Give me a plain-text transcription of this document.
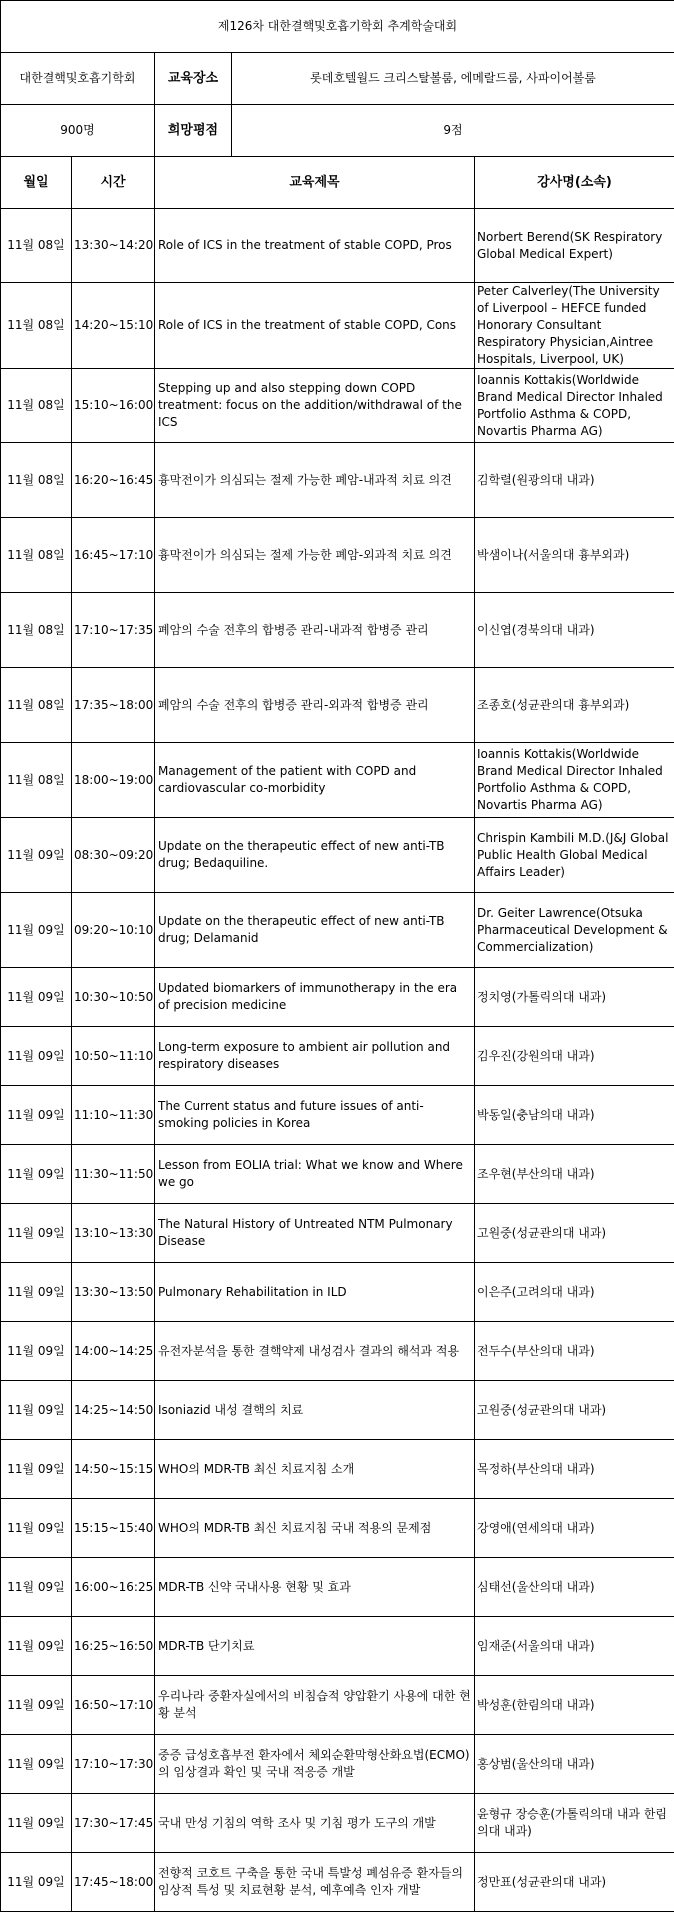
제126차 대한결핵및호흡기학회 추계학술대회			
대한결핵및호흡기학회		교육장소 롯데호텔월드 크리스탈볼룸, 에메랄드룸, 사파이어볼룸	

900명		희망평점 9점	

월일	시간	교육제목	강사명(소속)
11월 08일	13:30~14:20	Role of ICS in the treatment of stable COPD, Pros	Norbert Berend(SK Respiratory Global Medical Expert)
11월 08일	14:20~15:10	Role of ICS in the treatment of stable COPD, Cons	Peter Calverley(The University of Liverpool – HEFCE funded Honorary Consultant Respiratory Physician,Aintree Hospitals, Liverpool, UK)
11월 08일	15:10~16:00	Stepping up and also stepping down COPD treatment: focus on the addition/withdrawal of the ICS	Ioannis Kottakis(Worldwide Brand Medical Director Inhaled Portfolio Asthma & COPD, Novartis Pharma AG)
11월 08일	16:20~16:45	흉막전이가 의심되는 절제 가능한 폐암-내과적 치료 의견	김학렬(원광의대 내과)
11월 08일	16:45~17:10	흉막전이가 의심되는 절제 가능한 폐암-외과적 치료 의견	박샘이나(서울의대 흉부외과)
11월 08일	17:10~17:35	폐암의 수술 전후의 합병증 관리-내과적 합병증 관리	이신엽(경북의대 내과)
11월 08일	17:35~18:00	폐암의 수술 전후의 합병증 관리-외과적 합병증 관리	조종호(성균관의대 흉부외과)
11월 08일	18:00~19:00	Management of the patient with COPD and cardiovascular co-morbidity	Ioannis Kottakis(Worldwide Brand Medical Director Inhaled Portfolio Asthma & COPD, Novartis Pharma AG)
11월 09일	08:30~09:20	Update on the therapeutic effect of new anti-TB drug; Bedaquiline.	Chrispin Kambili M.D.(J&J Global Public Health Global Medical Affairs Leader)
11월 09일	09:20~10:10	Update on the therapeutic effect of new anti-TB drug; Delamanid	Dr. Geiter Lawrence(Otsuka Pharmaceutical Development & Commercialization)
11월 09일	10:30~10:50	Updated biomarkers of immunotherapy in the era of precision medicine	정치영(가톨릭의대 내과)
11월 09일	10:50~11:10	Long-term exposure to ambient air pollution and respiratory diseases	김우진(강원의대 내과)
11월 09일	11:10~11:30	The Current status and future issues of anti-smoking policies in Korea	박동일(충남의대 내과)
11월 09일	11:30~11:50	Lesson from EOLIA trial: What we know and Where we go	조우현(부산의대 내과)
11월 09일	13:10~13:30	The Natural History of Untreated NTM Pulmonary Disease	고원중(성균관의대 내과)
11월 09일	13:30~13:50	Pulmonary Rehabilitation in ILD	이은주(고려의대 내과)
11월 09일	14:00~14:25	유전자분석을 통한 결핵약제 내성검사 결과의 해석과 적용	전두수(부산의대 내과)
11월 09일	14:25~14:50	Isoniazid 내성 결핵의 치료	고원중(성균관의대 내과)
11월 09일	14:50~15:15	WHO의 MDR-TB 최신 치료지침 소개	목정하(부산의대 내과)
11월 09일	15:15~15:40	WHO의 MDR-TB 최신 치료지침 국내 적용의 문제점	강영애(연세의대 내과)
11월 09일	16:00~16:25	MDR-TB 신약 국내사용 현황 및 효과	심태선(울산의대 내과)
11월 09일	16:25~16:50	MDR-TB 단기치료	임재준(서울의대 내과)
11월 09일	16:50~17:10	우리나라 중환자실에서의 비침습적 양압환기 사용에 대한 현황 분석	박성훈(한림의대 내과)
11월 09일	17:10~17:30	중증 급성호흡부전 환자에서 체외순환막형산화요법(ECMO)의 임상결과 확인 및 국내 적응증 개발	홍상범(울산의대 내과)
11월 09일	17:30~17:45	국내 만성 기침의 역학 조사 및 기침 평가 도구의 개발	윤형규 장승훈(가톨릭의대 내과 한림의대 내과)
11월 09일	17:45~18:00	전향적 코호트 구축을 통한 국내 특발성 폐섬유증 환자들의 임상적 특성 및 치료현황 분석, 예후예측 인자 개발	정만표(성균관의대 내과)
